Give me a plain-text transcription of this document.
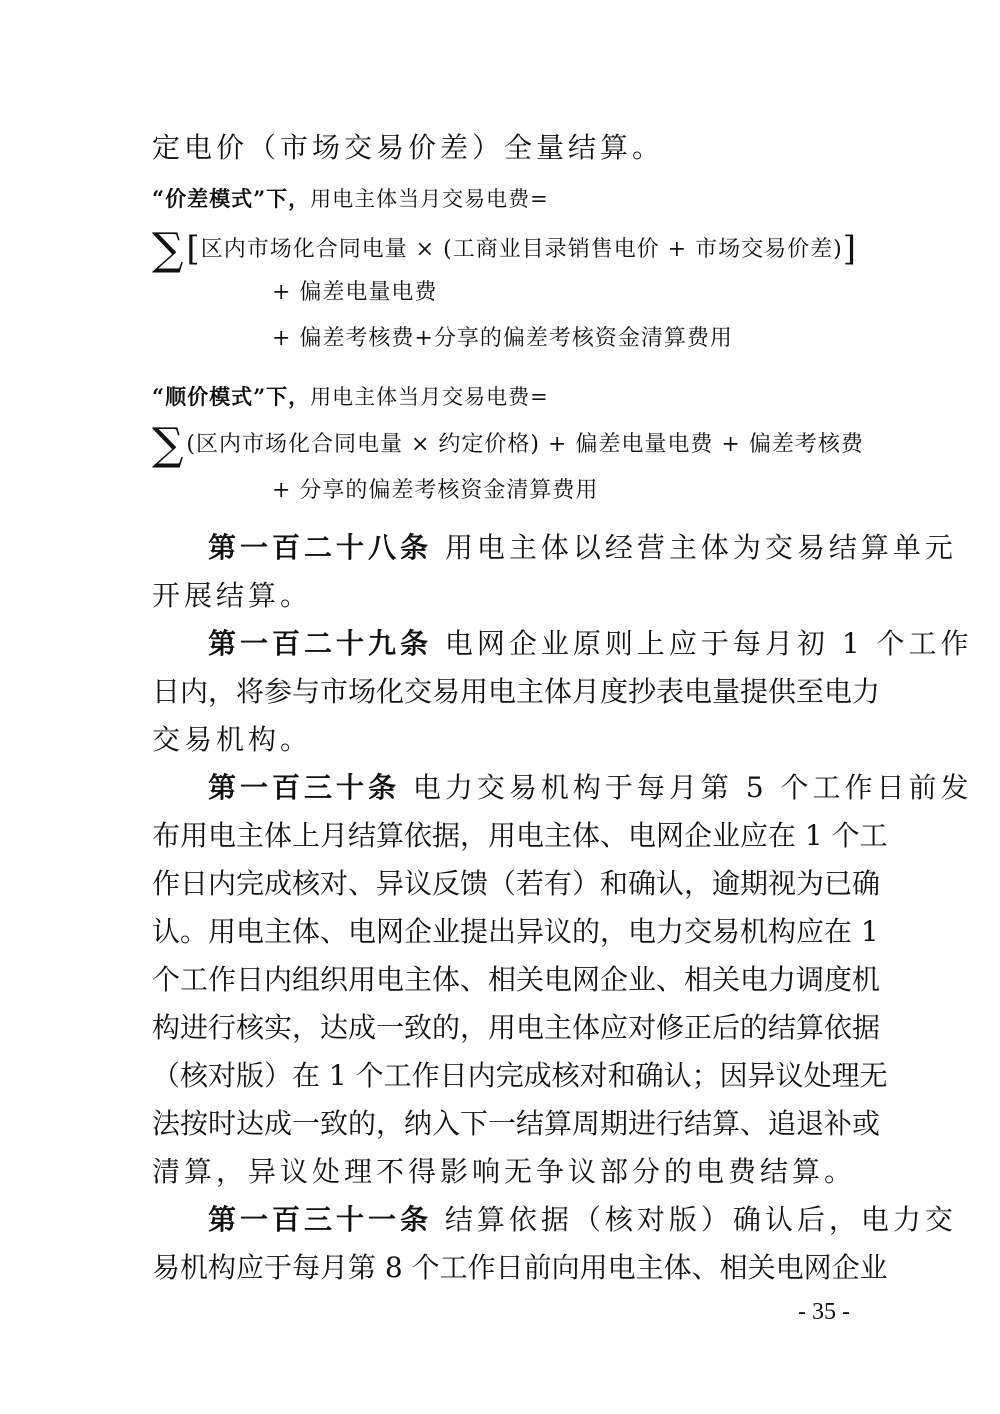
定电价（市场交易价差）全量结算。
“价差模式”下，用电主体当月交易电费=
∑[区内市场化合同电量 × (工商业目录销售电价 + 市场交易价差)]
+ 偏差电量电费
+ 偏差考核费+分享的偏差考核资金清算费用
“顺价模式”下，用电主体当月交易电费=
∑(区内市场化合同电量 × 约定价格) + 偏差电量电费 + 偏差考核费
+ 分享的偏差考核资金清算费用
第一百二十八条 用电主体以经营主体为交易结算单元
开展结算。
第一百二十九条 电网企业原则上应于每月初 1 个工作
日内，将参与市场化交易用电主体月度抄表电量提供至电力
交易机构。
第一百三十条 电力交易机构于每月第 5 个工作日前发
布用电主体上月结算依据，用电主体、电网企业应在 1 个工
作日内完成核对、异议反馈（若有）和确认，逾期视为已确
认。用电主体、电网企业提出异议的，电力交易机构应在 1
个工作日内组织用电主体、相关电网企业、相关电力调度机
构进行核实，达成一致的，用电主体应对修正后的结算依据
（核对版）在 1 个工作日内完成核对和确认；因异议处理无
法按时达成一致的，纳入下一结算周期进行结算、追退补或
清算，异议处理不得影响无争议部分的电费结算。
第一百三十一条 结算依据（核对版）确认后，电力交
易机构应于每月第 8 个工作日前向用电主体、相关电网企业
- 35 -
